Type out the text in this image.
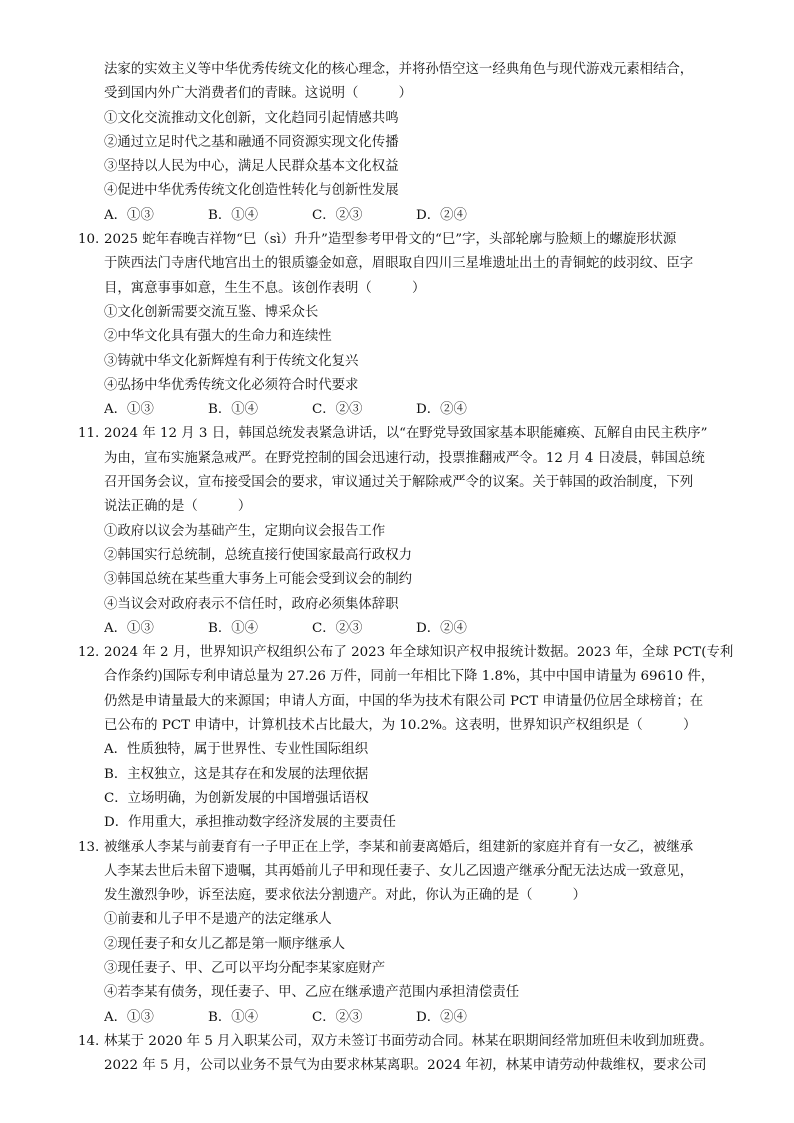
法家的实效主义等中华优秀传统文化的核心理念，并将孙悟空这一经典角色与现代游戏元素相结合，
受到国内外广大消费者们的青睐。这说明（　　　）
①文化交流推动文化创新，文化趋同引起情感共鸣
②通过立足时代之基和融通不同资源实现文化传播
③坚持以人民为中心，满足人民群众基本文化权益
④促进中华优秀传统文化创造性转化与创新性发展
A．①③	B．①④	C．②③	D．②④
10. 2025 蛇年春晚吉祥物“巳（sì）升升”造型参考甲骨文的“巳”字，头部轮廓与脸颊上的螺旋形状源
于陕西法门寺唐代地宫出土的银质鎏金如意，眉眼取自四川三星堆遗址出土的青铜蛇的歧羽纹、臣字
目，寓意事事如意，生生不息。该创作表明（　　　）
①文化创新需要交流互鉴、博采众长
②中华文化具有强大的生命力和连续性
③铸就中华文化新辉煌有利于传统文化复兴
④弘扬中华优秀传统文化必须符合时代要求
A．①③	B．①④	C．②③	D．②④
11. 2024 年 12 月 3 日，韩国总统发表紧急讲话，以“在野党导致国家基本职能瘫痪、瓦解自由民主秩序”
为由，宣布实施紧急戒严。在野党控制的国会迅速行动，投票推翻戒严令。12 月 4 日凌晨，韩国总统
召开国务会议，宣布接受国会的要求，审议通过关于解除戒严令的议案。关于韩国的政治制度，下列
说法正确的是（　　　）
①政府以议会为基础产生，定期向议会报告工作
②韩国实行总统制，总统直接行使国家最高行政权力
③韩国总统在某些重大事务上可能会受到议会的制约
④当议会对政府表示不信任时，政府必须集体辞职
A．①③	B．①④	C．②③	D．②④
12. 2024 年 2 月，世界知识产权组织公布了 2023 年全球知识产权申报统计数据。2023 年，全球 PCT(专利
合作条约)国际专利申请总量为 27.26 万件，同前一年相比下降 1.8%，其中中国申请量为 69610 件，
仍然是申请量最大的来源国；申请人方面，中国的华为技术有限公司 PCT 申请量仍位居全球榜首；在
已公布的 PCT 申请中，计算机技术占比最大，为 10.2%。这表明，世界知识产权组织是（　　　）
A．性质独特，属于世界性、专业性国际组织
B．主权独立，这是其存在和发展的法理依据
C．立场明确，为创新发展的中国增强话语权
D．作用重大，承担推动数字经济发展的主要责任
13. 被继承人李某与前妻育有一子甲正在上学，李某和前妻离婚后，组建新的家庭并育有一女乙，被继承
人李某去世后未留下遗嘱，其再婚前儿子甲和现任妻子、女儿乙因遗产继承分配无法达成一致意见，
发生激烈争吵，诉至法庭，要求依法分割遗产。对此，你认为正确的是（　　　）
①前妻和儿子甲不是遗产的法定继承人
②现任妻子和女儿乙都是第一顺序继承人
③现任妻子、甲、乙可以平均分配李某家庭财产
④若李某有债务，现任妻子、甲、乙应在继承遗产范围内承担清偿责任
A．①③	B．①④	C．②③	D．②④
14. 林某于 2020 年 5 月入职某公司，双方未签订书面劳动合同。林某在职期间经常加班但未收到加班费。
2022 年 5 月，公司以业务不景气为由要求林某离职。2024 年初，林某申请劳动仲裁维权，要求公司
